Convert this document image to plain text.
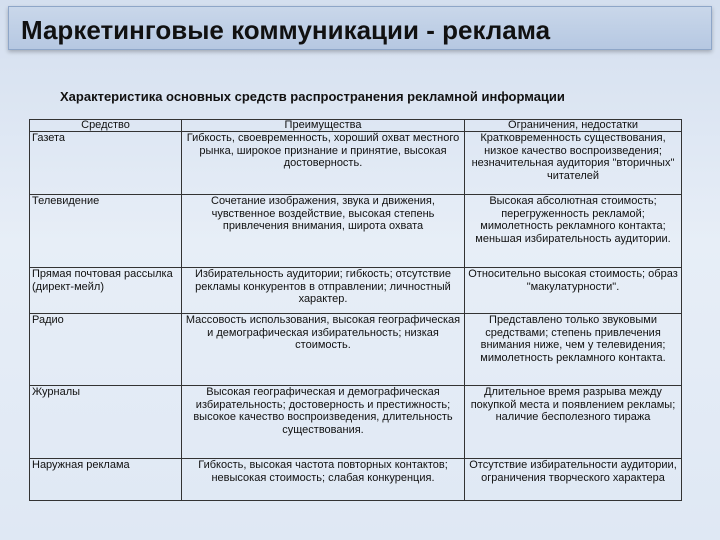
Маркетинговые коммуникации - реклама
Характеристика основных средств распространения рекламной информации
Средство	Преимущества	Ограничения, недостатки
Газета	Гибкость, своевременность, хороший охват местного рынка, широкое признание и принятие, высокая достоверность.	Кратковременность существования, низкое качество воспроизведения; незначительная аудитория "вторичных" читателей
Телевидение	Сочетание изображения, звука и движения, чувственное воздействие, высокая степень привлечения внимания, широта охвата	Высокая абсолютная стоимость; перегруженность рекламой; мимолетность рекламного контакта; меньшая избирательность аудитории.
Прямая почтовая рассылка (директ-мейл)	Избирательность аудитории; гибкость; отсутствие рекламы конкурентов в отправлении; личностный характер.	Относительно высокая стоимость; образ "макулатурности".
Радио	Массовость использования, высокая географическая и демографическая избирательность; низкая стоимость.	Представлено только звуковыми средствами; степень привлечения внимания ниже, чем у телевидения; мимолетность рекламного контакта.
Журналы	Высокая географическая и демографическая избирательность; достоверность и престижность; высокое качество воспроизведения, длительность существования.	Длительное время разрыва между покупкой места и появлением рекламы; наличие бесполезного тиража
Наружная реклама	Гибкость, высокая частота повторных контактов; невысокая стоимость; слабая конкуренция.	Отсутствие избирательности аудитории, ограничения творческого характера
